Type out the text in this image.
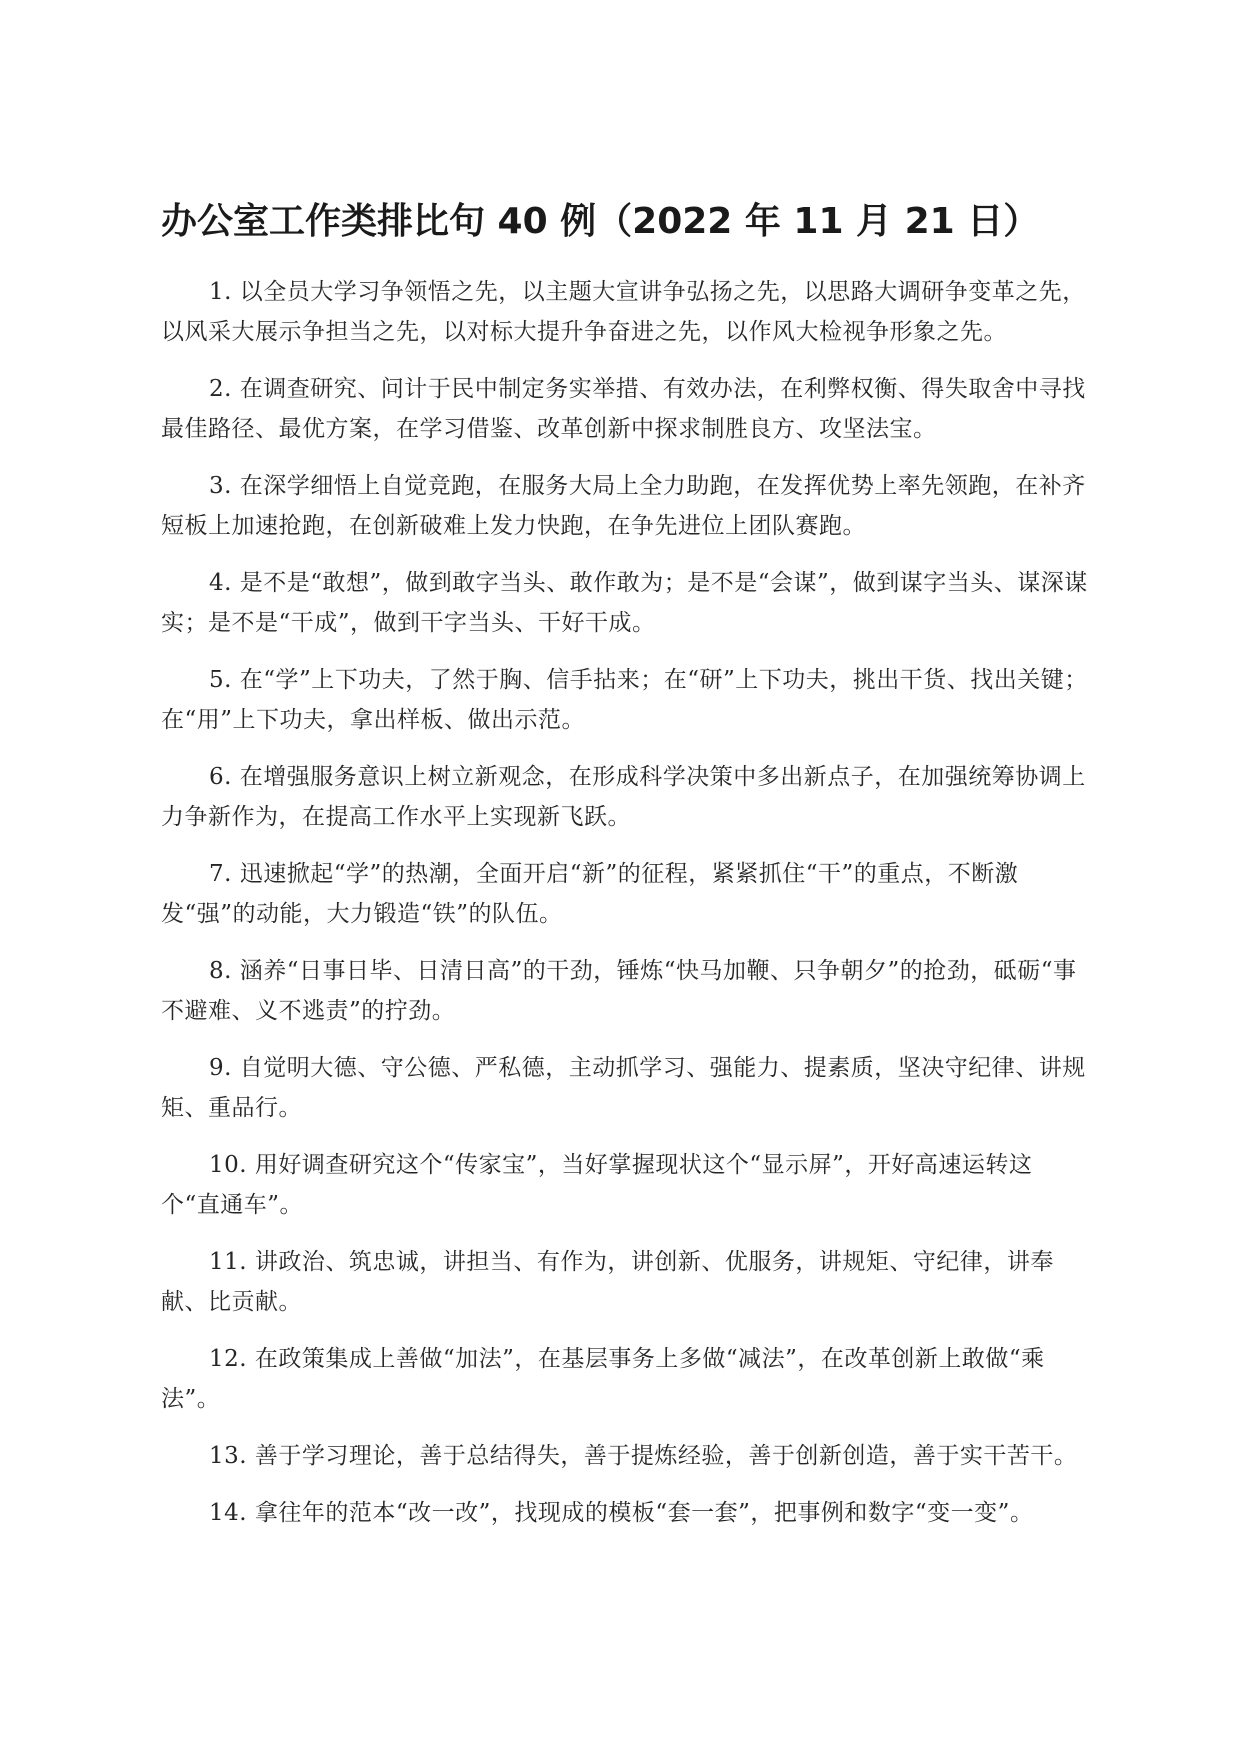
办公室工作类排比句 40 例（2022 年 11 月 21 日）
1. 以全员大学习争领悟之先，以主题大宣讲争弘扬之先，以思路大调研争变革之先，以风采大展示争担当之先，以对标大提升争奋进之先，以作风大检视争形象之先。
2. 在调查研究、问计于民中制定务实举措、有效办法，在利弊权衡、得失取舍中寻找最佳路径、最优方案，在学习借鉴、改革创新中探求制胜良方、攻坚法宝。
3. 在深学细悟上自觉竞跑，在服务大局上全力助跑，在发挥优势上率先领跑，在补齐短板上加速抢跑，在创新破难上发力快跑，在争先进位上团队赛跑。
4. 是不是“敢想”，做到敢字当头、敢作敢为；是不是“会谋”，做到谋字当头、谋深谋实；是不是“干成”，做到干字当头、干好干成。
5. 在“学”上下功夫，了然于胸、信手拈来；在“研”上下功夫，挑出干货、找出关键；在“用”上下功夫，拿出样板、做出示范。
6. 在增强服务意识上树立新观念，在形成科学决策中多出新点子，在加强统筹协调上力争新作为，在提高工作水平上实现新飞跃。
7. 迅速掀起“学”的热潮，全面开启“新”的征程，紧紧抓住“干”的重点，不断激发“强”的动能，大力锻造“铁”的队伍。
8. 涵养“日事日毕、日清日高”的干劲，锤炼“快马加鞭、只争朝夕”的抢劲，砥砺“事不避难、义不逃责”的拧劲。
9. 自觉明大德、守公德、严私德，主动抓学习、强能力、提素质，坚决守纪律、讲规矩、重品行。
10. 用好调查研究这个“传家宝”，当好掌握现状这个“显示屏”，开好高速运转这个“直通车”。
11. 讲政治、筑忠诚，讲担当、有作为，讲创新、优服务，讲规矩、守纪律，讲奉献、比贡献。
12. 在政策集成上善做“加法”，在基层事务上多做“减法”，在改革创新上敢做“乘法”。
13. 善于学习理论，善于总结得失，善于提炼经验，善于创新创造，善于实干苦干。
14. 拿往年的范本“改一改”，找现成的模板“套一套”，把事例和数字“变一变”。
